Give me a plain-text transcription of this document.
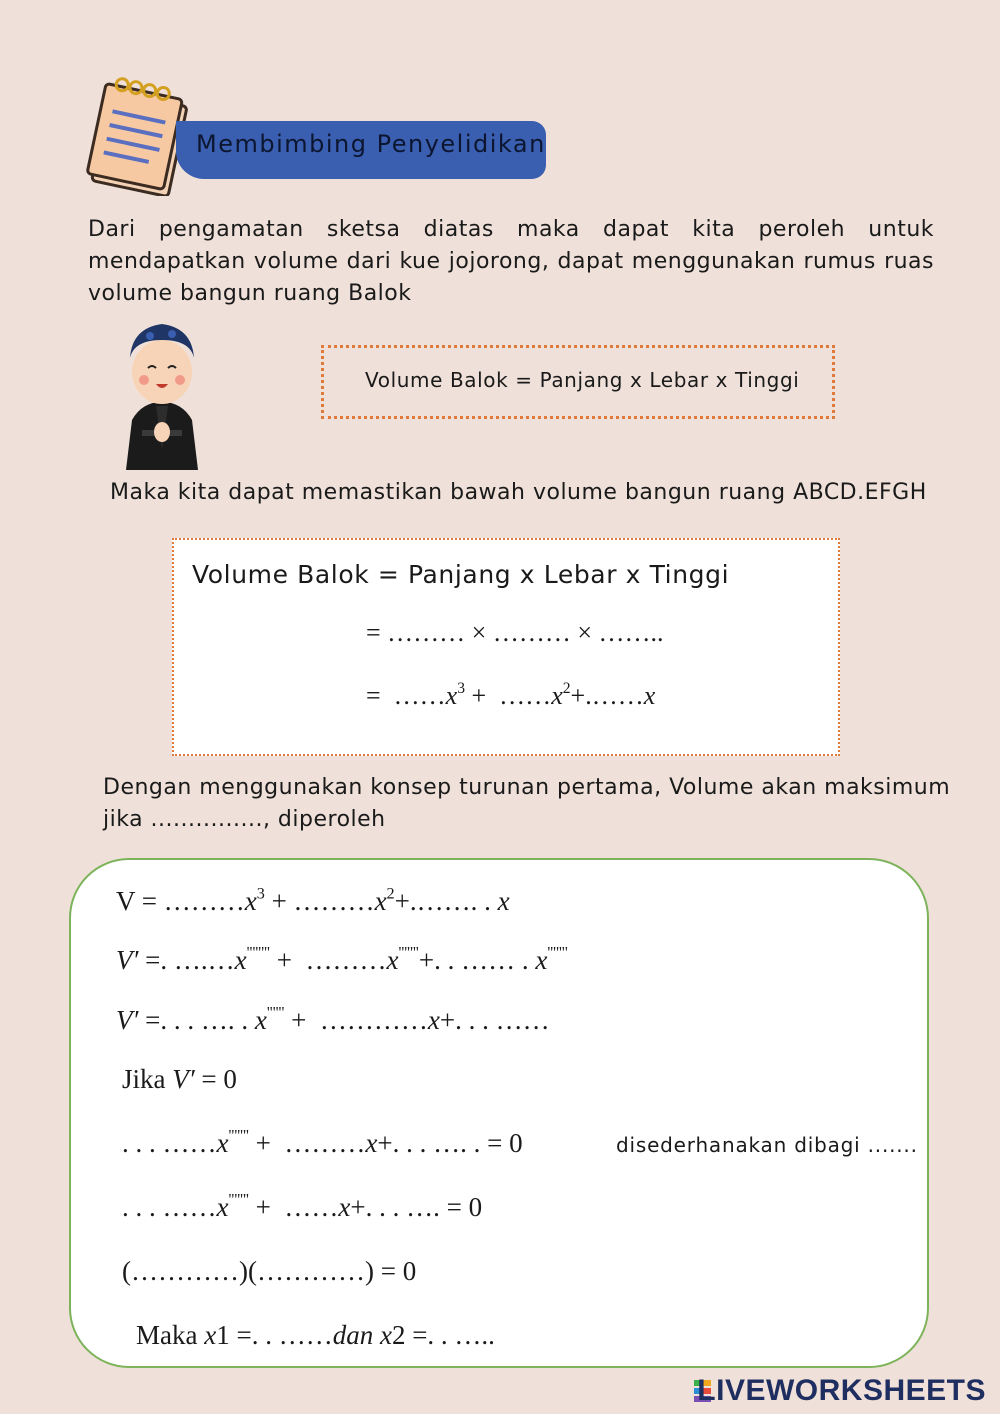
Membimbing Penyelidikan
Dari pengamatan sketsa diatas maka dapat kita peroleh untuk mendapatkan volume dari kue jojorong, dapat menggunakan rumus ruas volume bangun ruang Balok
Volume Balok = Panjang x Lebar x Tinggi
Maka kita dapat memastikan bawah volume bangun ruang ABCD.EFGH
Volume Balok = Panjang x Lebar x Tinggi
= ……… × ……… × ……..
=  $\dots\dots x^3$ +  $\dots\dots x^2+.\dots\dots x$
Dengan menggunakan konsep turunan pertama, Volume akan maksimum jika ..............., diperoleh
$V = \dots\dots\dots x^3$ + $\dots\dots\dots x^2+.\dots\dots$. . x
V′ =. ….…x'''''''' +  ………x'''''''+. . …… . x'''''''
V′ =. . . …. . x'''''' +  …………x+. . . ……
Jika V′ = 0
. . . ……x''''''' +  ………x+. . . …. . = 0	disederhanakan dibagi .......
. . . ……x''''''' +  ……x+. . . …. = 0
(…………)(…………) = 0
Maka x1 =. . ……dan x2 =. . …..
LIVEWORKSHEETS
